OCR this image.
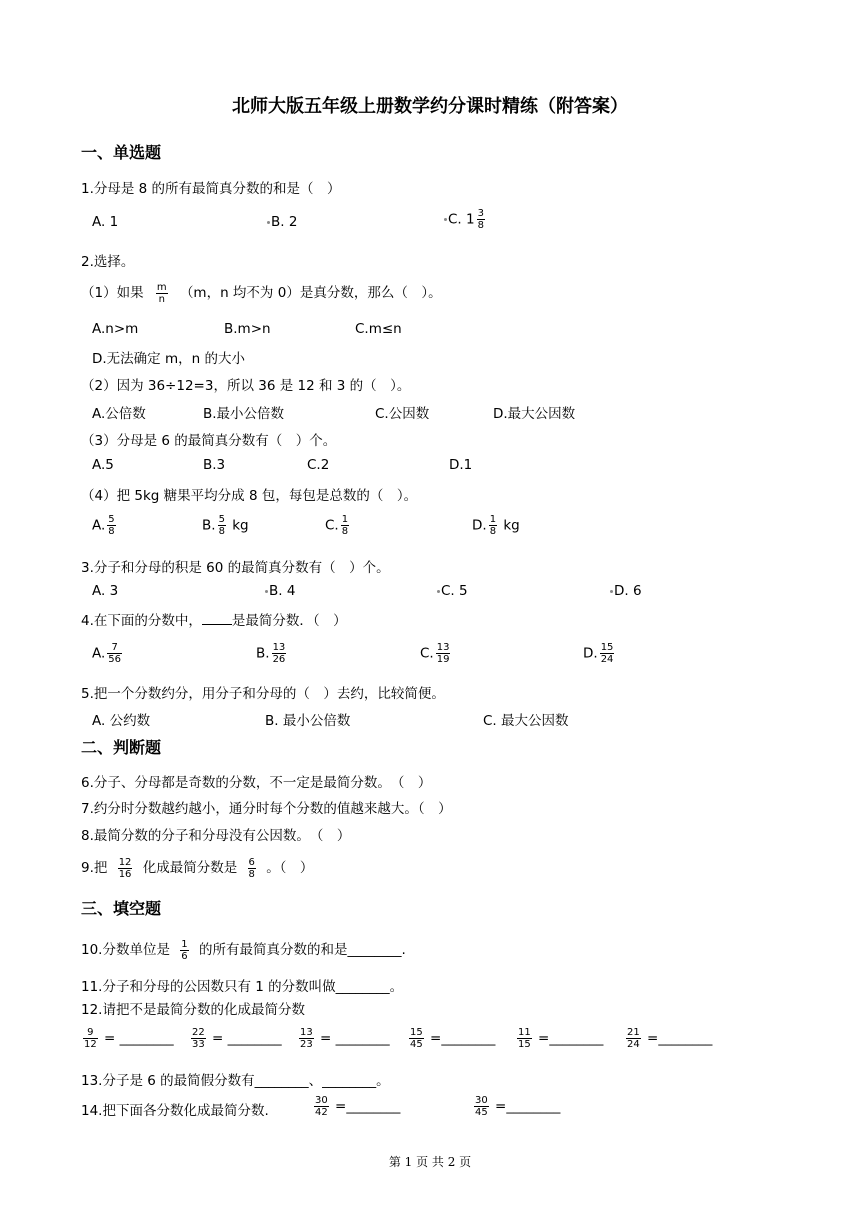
北师大版五年级上册数学约分课时精练（附答案）
一、单选题
1.分母是 8 的所有最简真分数的和是（　）
A. 1	B. 2	C. $1 \frac{3}{8}$
2.选择。
（1）如果 $\frac{m}{n} (m$，n 均不为 0）是真分数，那么（　）。
A.n>m	B.m>n	C.m≤n
D.无法确定 m，n 的大小
（2）因为 36÷12=3，所以 36 是 12 和 3 的（　）。
A.公倍数	B.最小公倍数	C.公因数	D.最大公因数
（3）分母是 6 的最简真分数有（　）个。
A.5	B.3	C.2	D.1
（4）把 5kg 糖果平均分成 8 包，每包是总数的（　）。
A. $\frac{5}{8}$	B. $\frac{5}{8}$ kg	C. $\frac{1}{8}$	D. $\frac{1}{8}$ kg
3.分子和分母的积是 60 的最简真分数有（　）个。
A. 3	B. 4	C. 5	D. 6
4.在下面的分数中， 是最简分数．（　）
A. $\frac{7}{56}$	B. $\frac{13}{26}$	C. $\frac{13}{19}$	D. $\frac{15}{24}$
5.把一个分数约分，用分子和分母的（　）去约，比较简便。
A. 公约数	B. 最小公倍数	C. 最大公因数
二、判断题
6.分子、分母都是奇数的分数，不一定是最简分数。　（　）
7.约分时分数越约越小，通分时每个分数的值越来越大。（　）
8.最简分数的分子和分母没有公因数。　（　）
9.把 $\frac{12}{16}$ 化成最简分数是 $\frac{6}{8}$ 。（　）
三、填空题
10.分数单位是 $\frac{1}{6}$ 的所有最简真分数的和是________.
11.分子和分母的公因数只有 1 的分数叫做________。
12.请把不是最简分数的化成最简分数
$\frac{9}{12}$ = ________ $\frac{22}{33}$ = ________ $\frac{13}{23}$ = ________ $\frac{15}{45}$ =________ $\frac{11}{15}$ =________ $\frac{21}{24}$ =________
13.分子是 6 的最简假分数有________、________。
14.把下面各分数化成最简分数.	$\frac{30}{42}$ =________	$\frac{30}{45}$ =________
第 1 页 共 2 页
